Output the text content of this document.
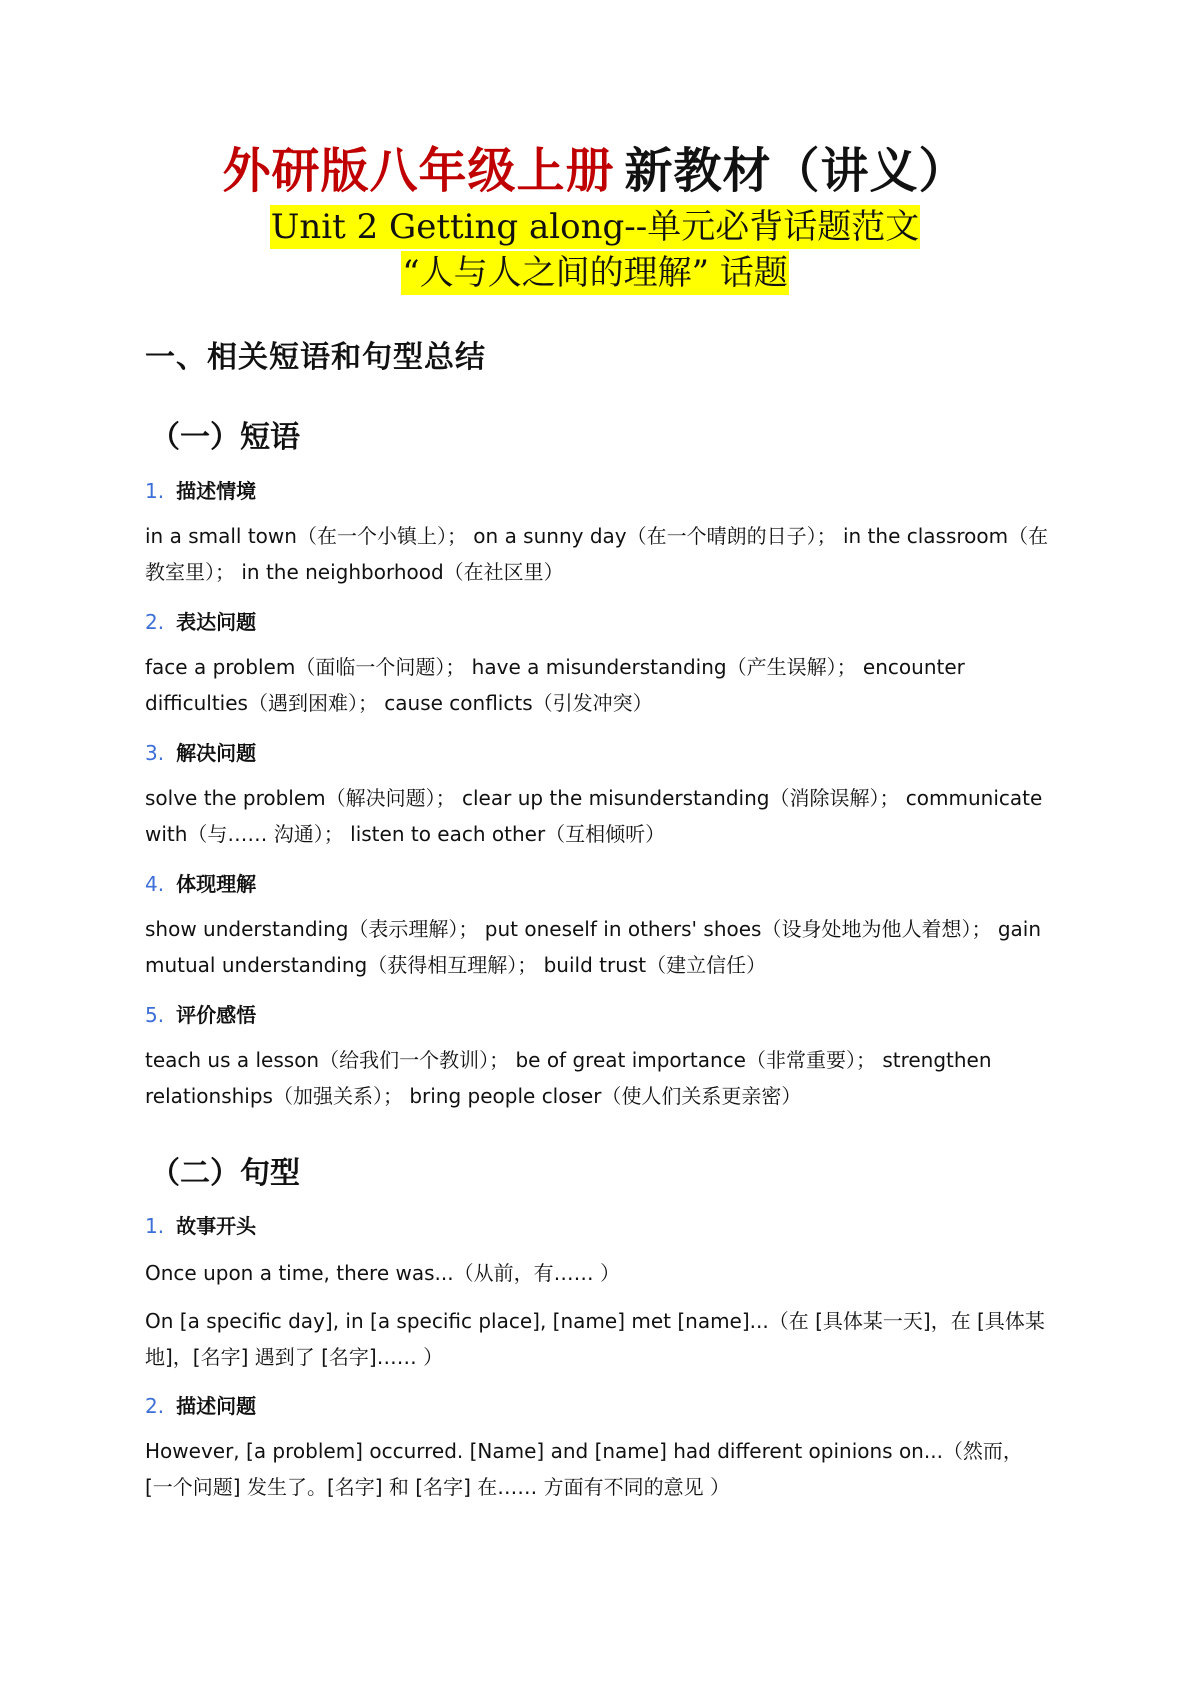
外研版八年级上册 新教材（讲义）

Unit 2 Getting along--单元必背话题范文

“人与人之间的理解” 话题

一、相关短语和句型总结
（一）短语

1. 描述情境

in a small town（在一个小镇上）； on a sunny day（在一个晴朗的日子）； in the classroom（在教室里）； in the neighborhood（在社区里）

2. 表达问题

face a problem（面临一个问题）； have a misunderstanding（产生误解）； encounter difficulties（遇到困难）； cause conflicts（引发冲突）

3. 解决问题

solve the problem（解决问题）； clear up the misunderstanding（消除误解）； communicate with（与…… 沟通）； listen to each other（互相倾听）

4. 体现理解

show understanding（表示理解）； put oneself in others' shoes（设身处地为他人着想）； gain mutual understanding（获得相互理解）； build trust（建立信任）

5. 评价感悟

teach us a lesson（给我们一个教训）； be of great importance（非常重要）； strengthen relationships（加强关系）； bring people closer（使人们关系更亲密）

（二）句型

1. 故事开头

Once upon a time, there was...（从前，有…… ）

On [a specific day], in [a specific place], [name] met [name]...（在 [具体某一天]，在 [具体某地]，[名字] 遇到了 [名字]…… ）

2. 描述问题

However, [a problem] occurred. [Name] and [name] had different opinions on...（然而，[一个问题] 发生了。[名字] 和 [名字] 在…… 方面有不同的意见 ）
